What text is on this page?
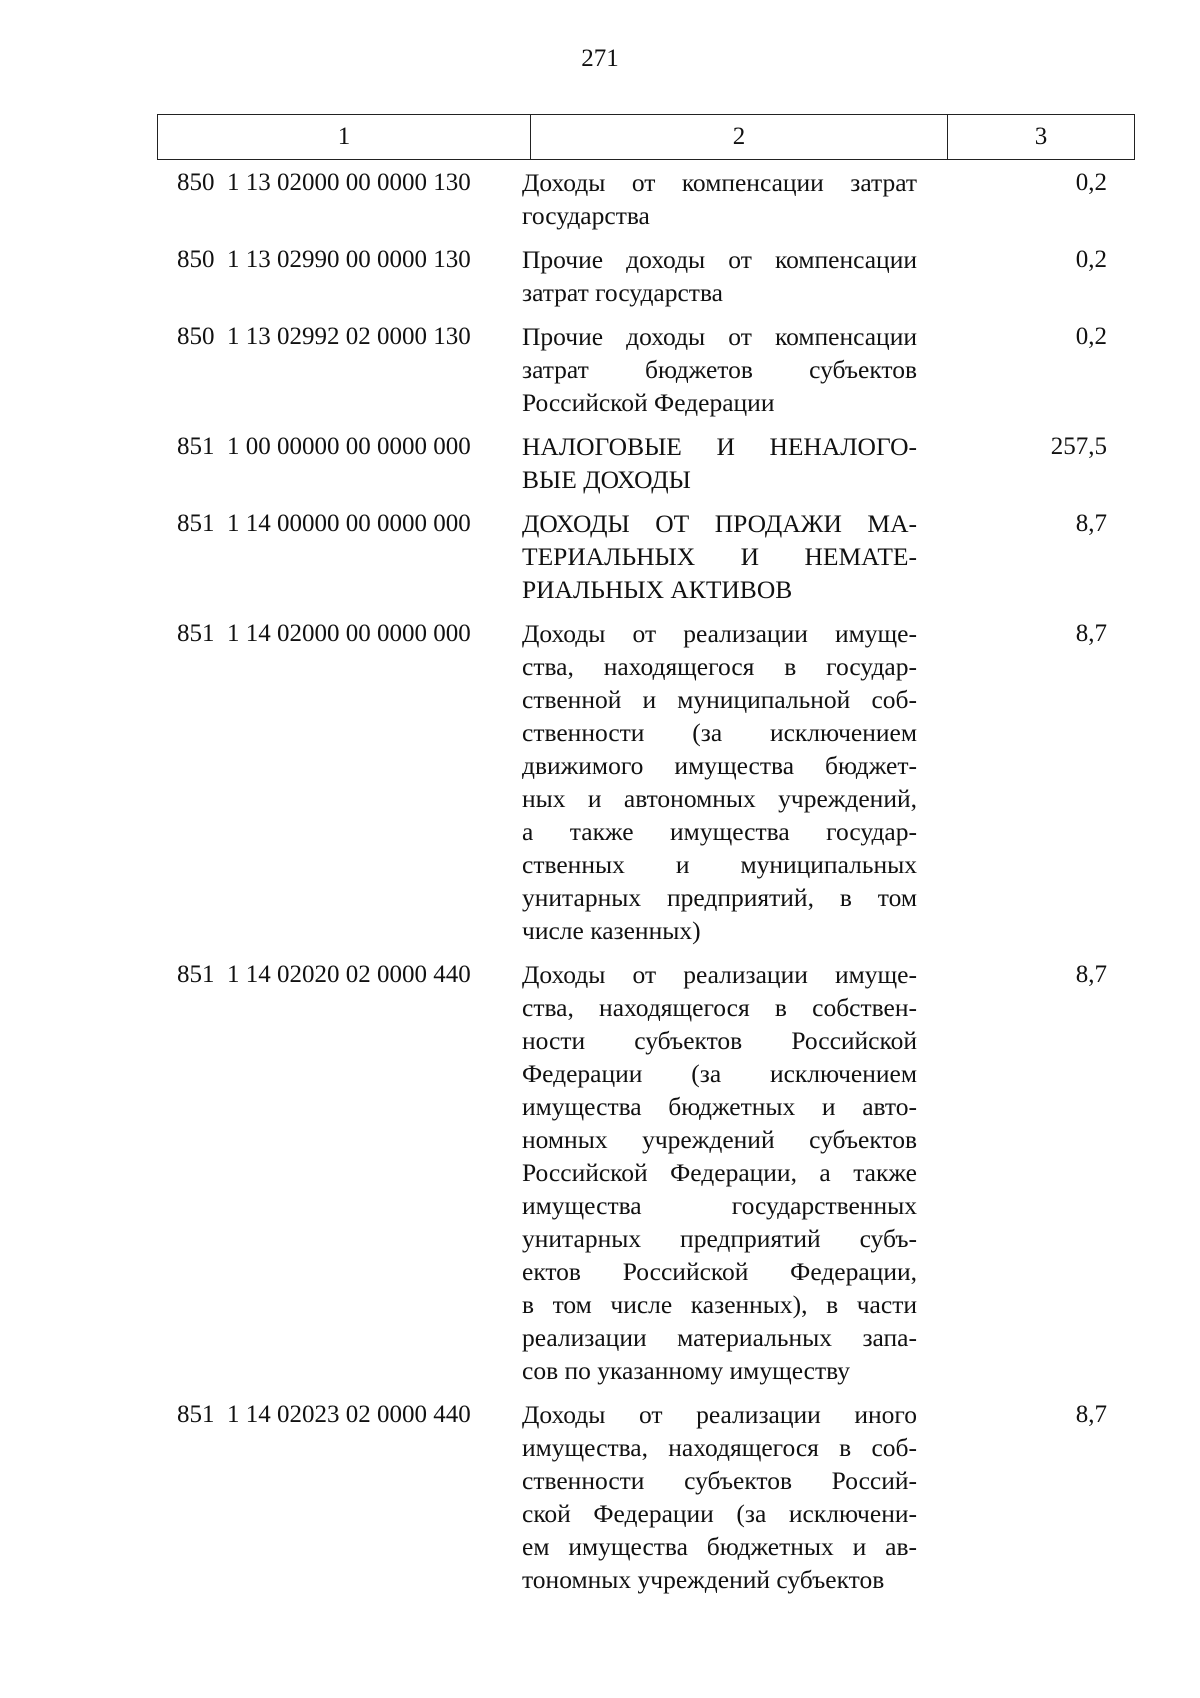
271
1	2	3
850 1 13 02000 00 0000 130	Доходы от компенсации затрат
государства
0,2
850 1 13 02990 00 0000 130	Прочие доходы от компенсации
затрат государства
0,2
850 1 13 02992 02 0000 130	Прочие доходы от компенсации
затрат бюджетов субъектов
Российской Федерации
0,2
851 1 00 00000 00 0000 000	НАЛОГОВЫЕ И НЕНАЛОГО-
ВЫЕ ДОХОДЫ
257,5
851 1 14 00000 00 0000 000	ДОХОДЫ ОТ ПРОДАЖИ МА-
ТЕРИАЛЬНЫХ И НЕМАТЕ-
РИАЛЬНЫХ АКТИВОВ
8,7
851 1 14 02000 00 0000 000	Доходы от реализации имуще-
ства, находящегося в государ-
ственной и муниципальной соб-
ственности (за исключением
движимого имущества бюджет-
ных и автономных учреждений,
а также имущества государ-
ственных и муниципальных
унитарных предприятий, в том
числе казенных)
8,7
851 1 14 02020 02 0000 440	Доходы от реализации имуще-
ства, находящегося в собствен-
ности субъектов Российской
Федерации (за исключением
имущества бюджетных и авто-
номных учреждений субъектов
Российской Федерации, а также
имущества государственных
унитарных предприятий субъ-
ектов Российской Федерации,
в том числе казенных), в части
реализации материальных запа-
сов по указанному имуществу
8,7
851 1 14 02023 02 0000 440	Доходы от реализации иного
имущества, находящегося в соб-
ственности субъектов Россий-
ской Федерации (за исключени-
ем имущества бюджетных и ав-
тономных учреждений субъектов
8,7
